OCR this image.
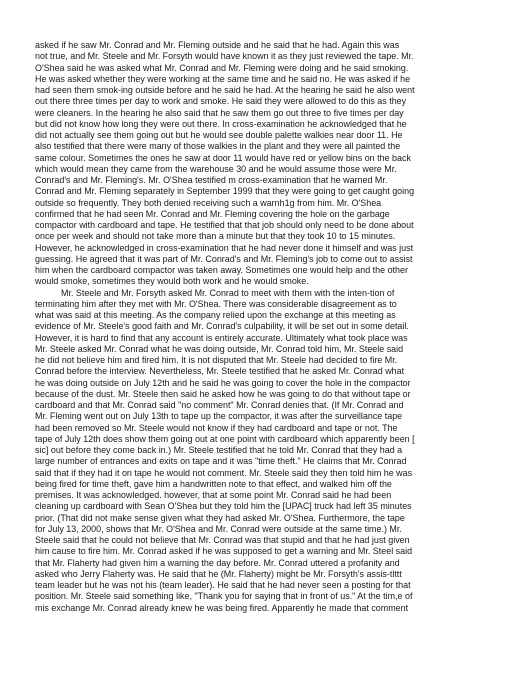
asked if he saw Mr. Conrad and Mr. Fleming outside and he said that he had. Again this was
not true, and Mr. Steele and Mr. Forsyth would have known it as they just reviewed the tape. Mr.
O'Shea said he was asked what Mr. Conrad and Mr. Fleming were doing and he said smoking.
He was asked whether they were working at the same time and he said no. He was asked if he
had seen them smok-ing outside before and he said he had. At the hearing he said he also went
out there three times per day to work and smoke. He said they were allowed to do this as they
were cleaners. In the hearing he also said that he saw them go out three to five times per day
but did not know how long they were out there. In cross-examination he acknowledged that he
did not actually see them going out but he would see double palette walkies near door 11. He
also testified that there were many of those walkies in the plant and they were all painted the
same colour. Sometimes the ones he saw at door 11 would have red or yellow bins on the back
which would mean they came from the warehouse 30 and he would assume those were Mr.
Conrad's and Mr. Fleming's. Mr. O'Shea testified m cross-examination that he warned Mr.
Conrad and Mr. Fleming separately in September 1999 that they were going to get caught going
outside so frequently. They both denied receiving such a warnh1g from him. Mr. O'Shea
confirmed that he had seen Mr. Conrad and Mr. Fleming covering the hole on the garbage
compactor with cardboard and tape. He testified that that job should only need to be done about
once per week and should not take more than a minute but that they took 10 to 15 minutes.
However, he acknowledged in cross-examination that he had never done it himself and was just
guessing. He agreed that it was part of Mr. Conrad's and Mr. Fleming's job to come out to assist
him when the cardboard compactor was taken away. Sometimes one would help and the other
would smoke, sometimes they would both work and he would smoke.
Mr. Steele and Mr. Forsyth asked Mr. Conrad to meet with them with the inten-tion of
terminating him after they met with Mr. O'Shea. There was considerable disagreement as to
what was said at this meeting. As the company relied upon the exchange at this meeting as
evidence of Mr. Steele's good faith and Mr. Conrad's culpability, it will be set out in some detail.
However, it is hard to find that any account is entirely accurate. Ultimately what took place was
Mr. Steele asked Mr. Conrad what he was doing outside, Mr. Conrad told him, Mr. Steele said
he did not believe him and fired him. It is not disputed that Mr. Steele had decided to fire Mr.
Conrad before the interview. Nevertheless, Mr. Steele testified that he asked Mr. Conrad what
he was doing outside on July 12th and he said he was going to cover the hole in the compactor
because of the dust. Mr. Steele then said he asked how he was going to do that without tape or
cardboard and that Mr. Conrad said "no comment" Mr. Conrad denies that. (If Mr. Conrad and
Mr. Fleming went out on July 13th to tape up the compactor, it was after the surveillance tape
had been removed so Mr. Steele would not know if they had cardboard and tape or not. The
tape of July 12th does show them going out at one point with cardboard which apparently been [
sic] out before they come back in.) Mr. Steele testified that he told Mr. Conrad that they had a
large number of entrances and exits on tape and it was "time theft." He claims that Mr. Conrad
said that if they had it on tape he would not comment. Mr. Steele said they then told him he was
being fired for time theft, gave him a handwritten note to that effect, and walked him off the
premises. It was acknowledged. however, that at some point Mr. Conrad said he had been
cleaning up cardboard with Sean O'Shea but they told him the [UPAC] truck had left 35 minutes
prior. (That did not make sense given what they had asked Mr. O'Shea. Furthermore, the tape
for July 13, 2000, shows that Mr. O'Shea and Mr. Conrad were outside at the same time.) Mr.
Steele said that he could not believe that Mr. Conrad was that stupid and that he had just given
him cause to fire him. Mr. Conrad asked if he was supposed to get a warning and Mr. Steel said
that Mr. Flaherty had given him a warning the day before. Mr. Conrad uttered a profanity and
asked who Jerry Flaherty was. He said that he (Mr. Flaherty) might be Mr. Forsyth's assis-tlttt
team leader but he was not his (team leader). He said that he had never seen a posting for that
position. Mr. Steele said something like, "Thank you for saying that in front of us." At the tim,e of
mis exchange Mr. Conrad already knew he was being fired. Apparently he made that comment
